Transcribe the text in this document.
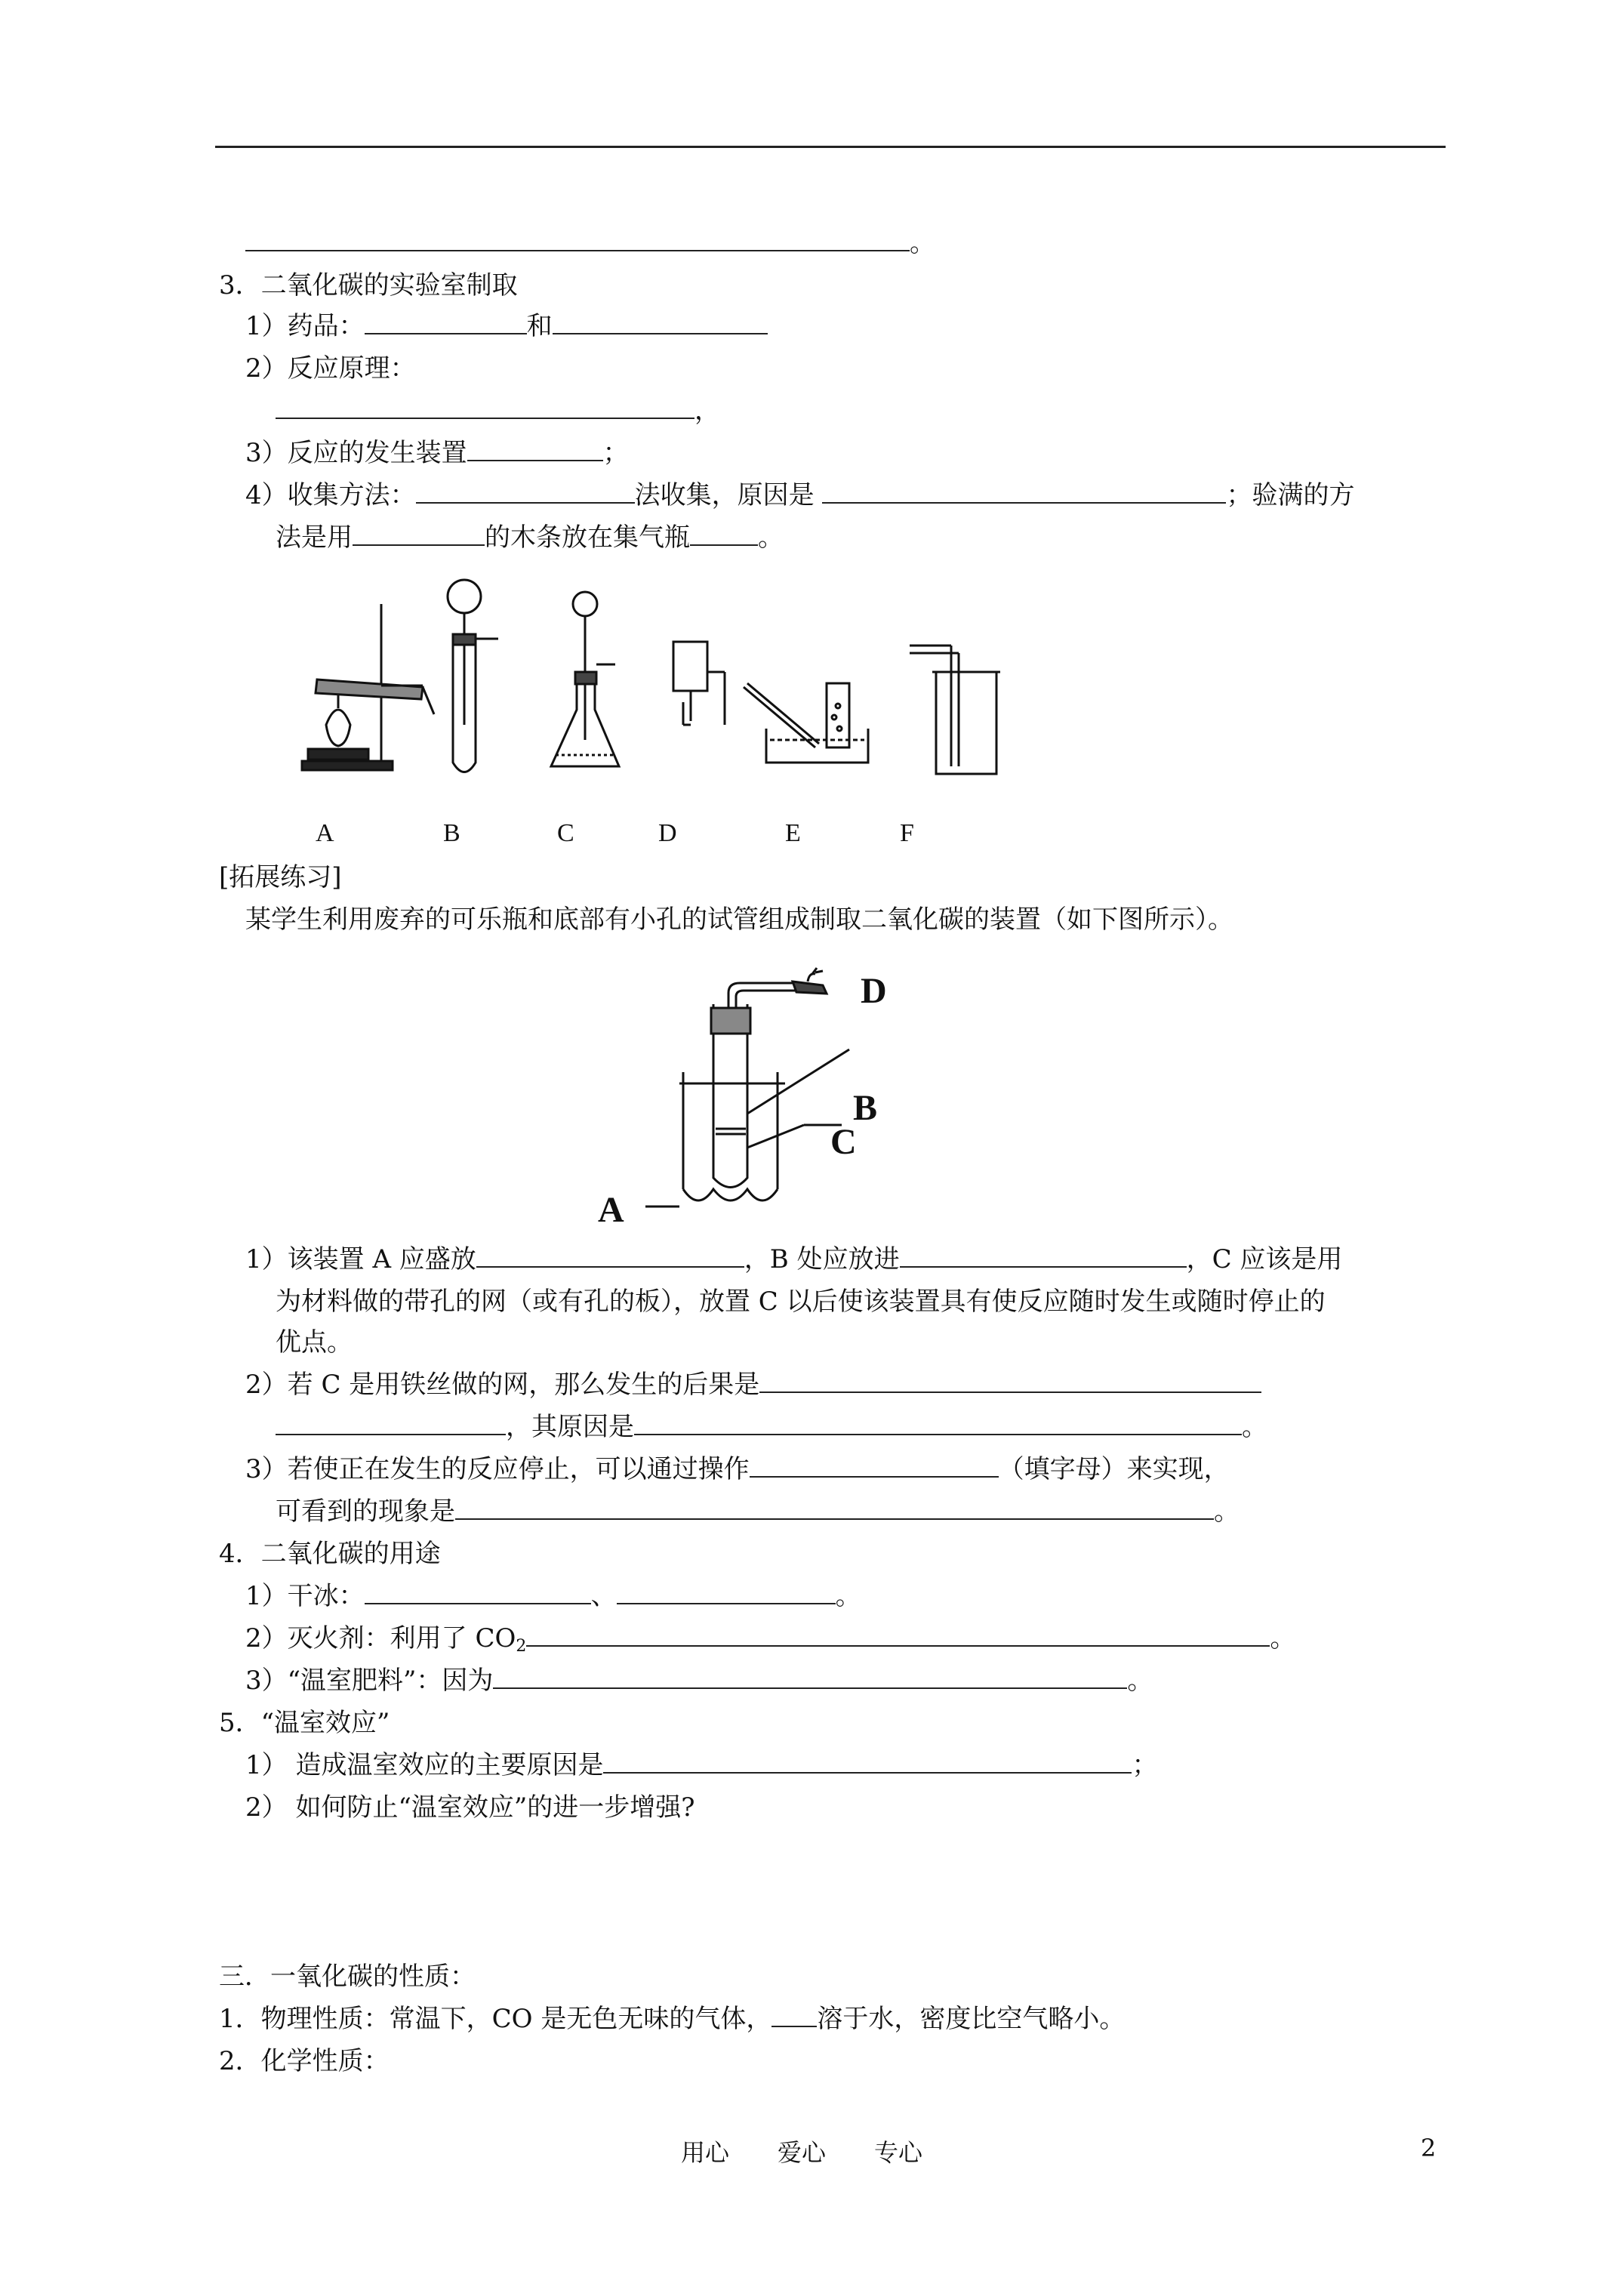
。
3．二氧化碳的实验室制取
1）药品：	和
2）反应原理：
，
3）反应的发生装置	；
4）收集方法：	法收集，原因是	；验满的方
法是用	的木条放在集气瓶	。
A	B	C	D	E	F
[拓展练习]
某学生利用废弃的可乐瓶和底部有小孔的试管组成制取二氧化碳的装置（如下图所示）。
D
B
C
A
1）该装置 A 应盛放	，B 处应放进	，C 应该是用
为材料做的带孔的网（或有孔的板），放置 C 以后使该装置具有使反应随时发生或随时停止的
优点。
2）若 C 是用铁丝做的网，那么发生的后果是
，其原因是	。
3）若使正在发生的反应停止，可以通过操作	（填字母）来实现，
可看到的现象是	。
4．二氧化碳的用途
1）干冰：	、	。
2）灭火剂：利用了 $CO_2$	。
3）“温室肥料”：因为	。
5．“温室效应”
1） 造成温室效应的主要原因是	；
2） 如何防止“温室效应”的进一步增强?
三．一氧化碳的性质：
1．物理性质：常温下，CO 是无色无味的气体， 溶于水，密度比空气略小。
2．化学性质：
用心 爱心 专心	2
